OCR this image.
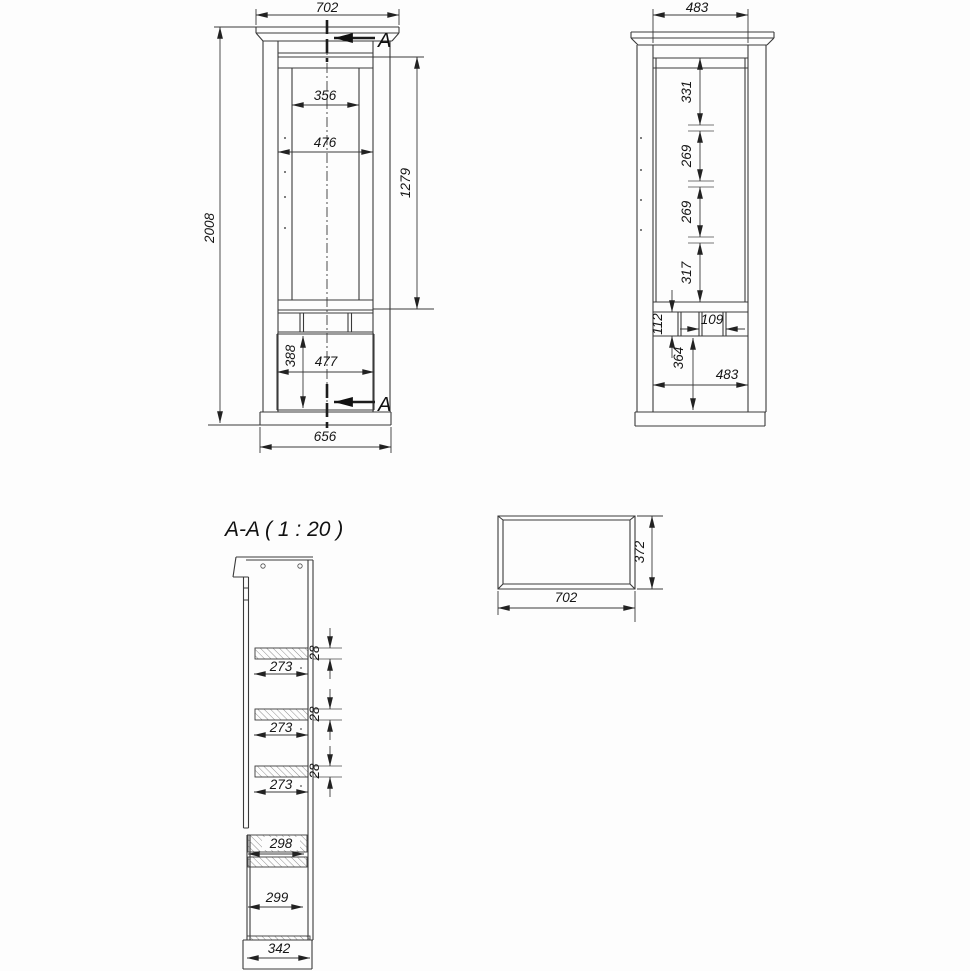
A
A
702
2008
356
476
1279
388 477
656
483
331
269
269
317
112	109
364
483
372
702
A-A ( 1 : 20 )
273
28
273
28
273
28
298
299
342
